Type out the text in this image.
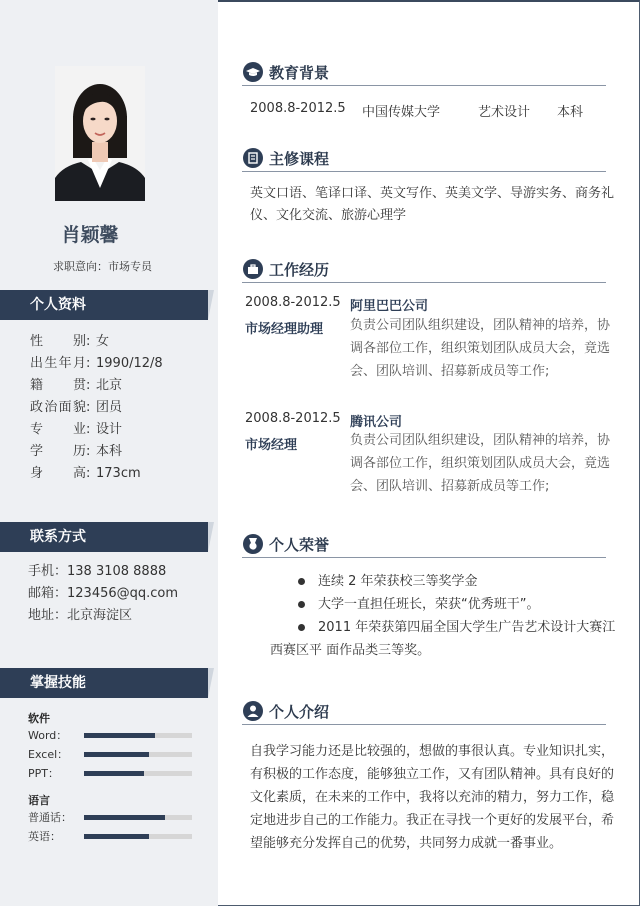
肖颖馨
求职意向：市场专员
个人资料
性　　别: 女
出生年月: 1990/12/8
籍　　贯: 北京
政治面貌: 团员
专　　业: 设计
学　　历: 本科
身　　高: 173cm
联系方式
手机：138 3108 8888
邮箱：123456@qq.com
地址：北京海淀区
掌握技能
软件
Word：
Excel：
PPT：
语言
普通话：
英语：
教育背景
2008.8-2012.5 中国传媒大学	艺术设计 本科
主修课程
英文口语、笔译口译、英文写作、英美文学、导游实务、商务礼仪、文化交流、旅游心理学
工作经历
2008.8-2012.5
市场经理助理
阿里巴巴公司
负责公司团队组织建设，团队精神的培养，协调各部位工作，组织策划团队成员大会，竟选会、团队培训、招募新成员等工作;
2008.8-2012.5
市场经理
腾讯公司
负责公司团队组织建设，团队精神的培养，协调各部位工作，组织策划团队成员大会，竟选会、团队培训、招募新成员等工作;
个人荣誉
连续 2 年荣获校三等奖学金
大学一直担任班长，荣获“优秀班干”。
2011 年荣获第四届全国大学生广告艺术设计大赛江西赛区平 面作品类三等奖。
个人介绍
自我学习能力还是比较强的，想做的事很认真。专业知识扎实，有积极的工作态度，能够独立工作，又有团队精神。具有良好的文化素质，在未来的工作中，我将以充沛的精力，努力工作，稳定地进步自己的工作能力。我正在寻找一个更好的发展平台，希望能够充分发挥自己的优势，共同努力成就一番事业。
